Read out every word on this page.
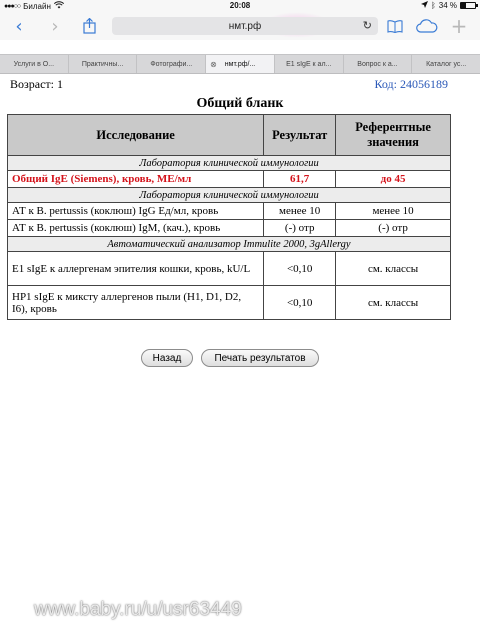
●●●○○ Билайн	20:08	ᛒ 34 %
‹	›	нмт.рф	↻	+
Услуги в О...	Практичны...	Фотографи... ⊗ нмт.рф/...	E1 sIgE к ал...	Вопрос к а...	Каталог ус...
Возраст: 1	Код: 24056189
Общий бланк
Исследование	Результат	Референтные значения
Лаборатория клинической иммунологии		
Общий IgE (Siemens), кровь, МЕ/мл	61,7	до 45
Лаборатория клинической иммунологии		
АТ к B. pertussis (коклюш) IgG Ед/мл, кровь	менее 10	менее 10
АТ к B. pertussis (коклюш) IgM, (кач.), кровь	(-) отр	(-) отр
Автоматический анализатор Immulite 2000, 3gAllergy		
E1 sIgE к аллергенам эпителия кошки, кровь, kU/L	<0,10	см. классы
HP1 sIgE к миксту аллергенов пыли (H1, D1, D2, I6), кровь	<0,10	см. классы
Назад	Печать результатов
www.baby.ru/u/usr63449
